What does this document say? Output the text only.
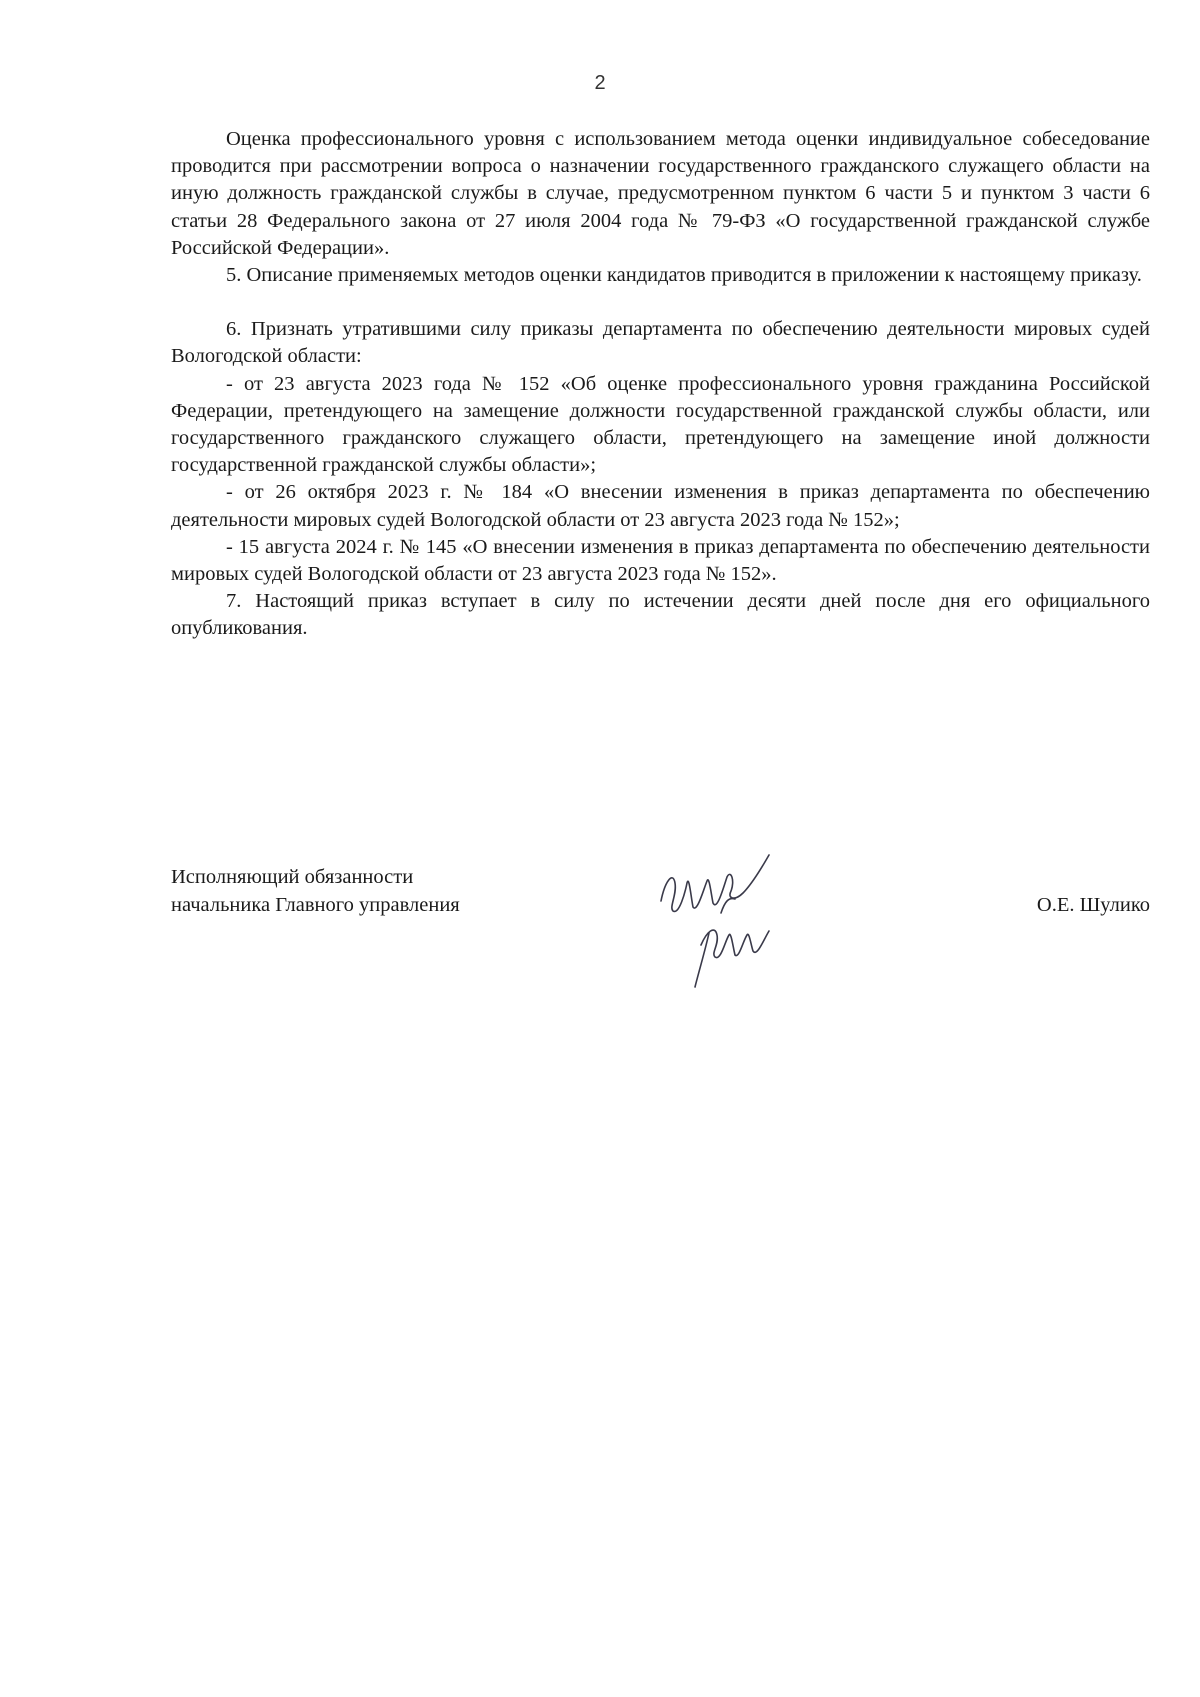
2

Оценка профессионального уровня с использованием метода оценки индивидуальное собеседование проводится при рассмотрении вопроса о назначении государственного гражданского служащего области на иную должность гражданской службы в случае, предусмотренном пунктом 6 части 5 и пунктом 3 части 6 статьи 28 Федерального закона от 27 июля 2004 года № 79-ФЗ «О государственной гражданской службе Российской Федерации».

5. Описание применяемых методов оценки кандидатов приводится в приложении к настоящему приказу.

6. Признать утратившими силу приказы департамента по обеспечению деятельности мировых судей Вологодской области:

- от 23 августа 2023 года № 152 «Об оценке профессионального уровня гражданина Российской Федерации, претендующего на замещение должности государственной гражданской службы области, или государственного гражданского служащего области, претендующего на замещение иной должности государственной гражданской службы области»;

- от 26 октября 2023 г. № 184 «О внесении изменения в приказ департамента по обеспечению деятельности мировых судей Вологодской области от 23 августа 2023 года № 152»;

- 15 августа 2024 г. № 145 «О внесении изменения в приказ департамента по обеспечению деятельности мировых судей Вологодской области от 23 августа 2023 года № 152».

7. Настоящий приказ вступает в силу по истечении десяти дней после дня его официального опубликования.

Исполняющий обязанности
начальника Главного управления	О.Е. Шулико
